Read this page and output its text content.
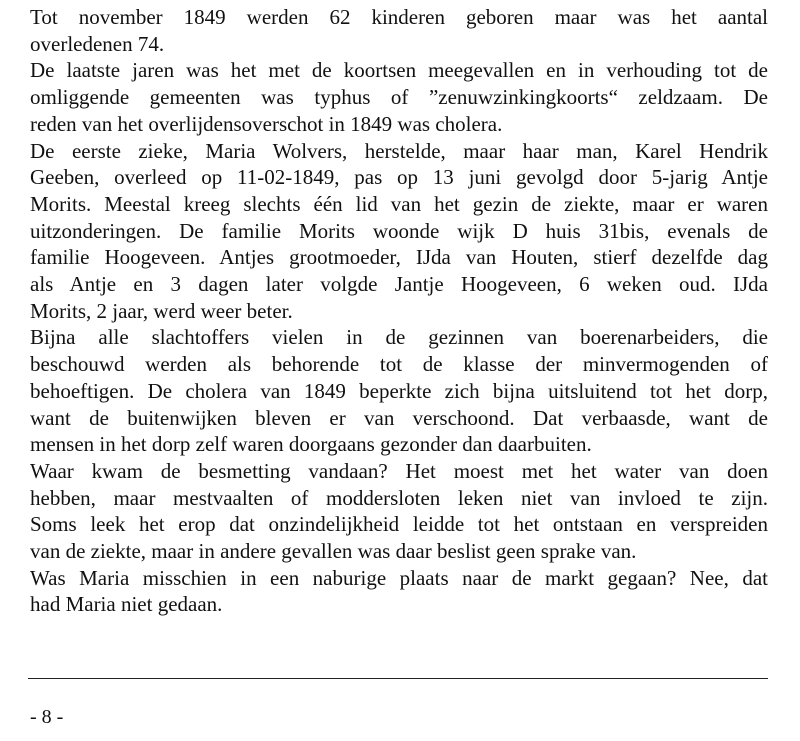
Tot november 1849 werden 62 kinderen geboren maar was het aantal
overledenen 74.

De laatste jaren was het met de koortsen meegevallen en in verhouding tot de
omliggende gemeenten was typhus of ”zenuwzinkingkoorts“ zeldzaam. De
reden van het overlijdensoverschot in 1849 was cholera.

De eerste zieke, Maria Wolvers, herstelde, maar haar man, Karel Hendrik
Geeben, overleed op 11-02-1849, pas op 13 juni gevolgd door 5-jarig Antje
Morits. Meestal kreeg slechts één lid van het gezin de ziekte, maar er waren
uitzonderingen. De familie Morits woonde wijk D huis 31bis, evenals de
familie Hoogeveen. Antjes grootmoeder, IJda van Houten, stierf dezelfde dag
als Antje en 3 dagen later volgde Jantje Hoogeveen, 6 weken oud. IJda
Morits, 2 jaar, werd weer beter.

Bijna alle slachtoffers vielen in de gezinnen van boerenarbeiders, die
beschouwd werden als behorende tot de klasse der minvermogenden of
behoeftigen. De cholera van 1849 beperkte zich bijna uitsluitend tot het dorp,
want de buitenwijken bleven er van verschoond. Dat verbaasde, want de
mensen in het dorp zelf waren doorgaans gezonder dan daarbuiten.

Waar kwam de besmetting vandaan? Het moest met het water van doen
hebben, maar mestvaalten of moddersloten leken niet van invloed te zijn.
Soms leek het erop dat onzindelijkheid leidde tot het ontstaan en verspreiden
van de ziekte, maar in andere gevallen was daar beslist geen sprake van.

Was Maria misschien in een naburige plaats naar de markt gegaan? Nee, dat
had Maria niet gedaan.

- 8 -
